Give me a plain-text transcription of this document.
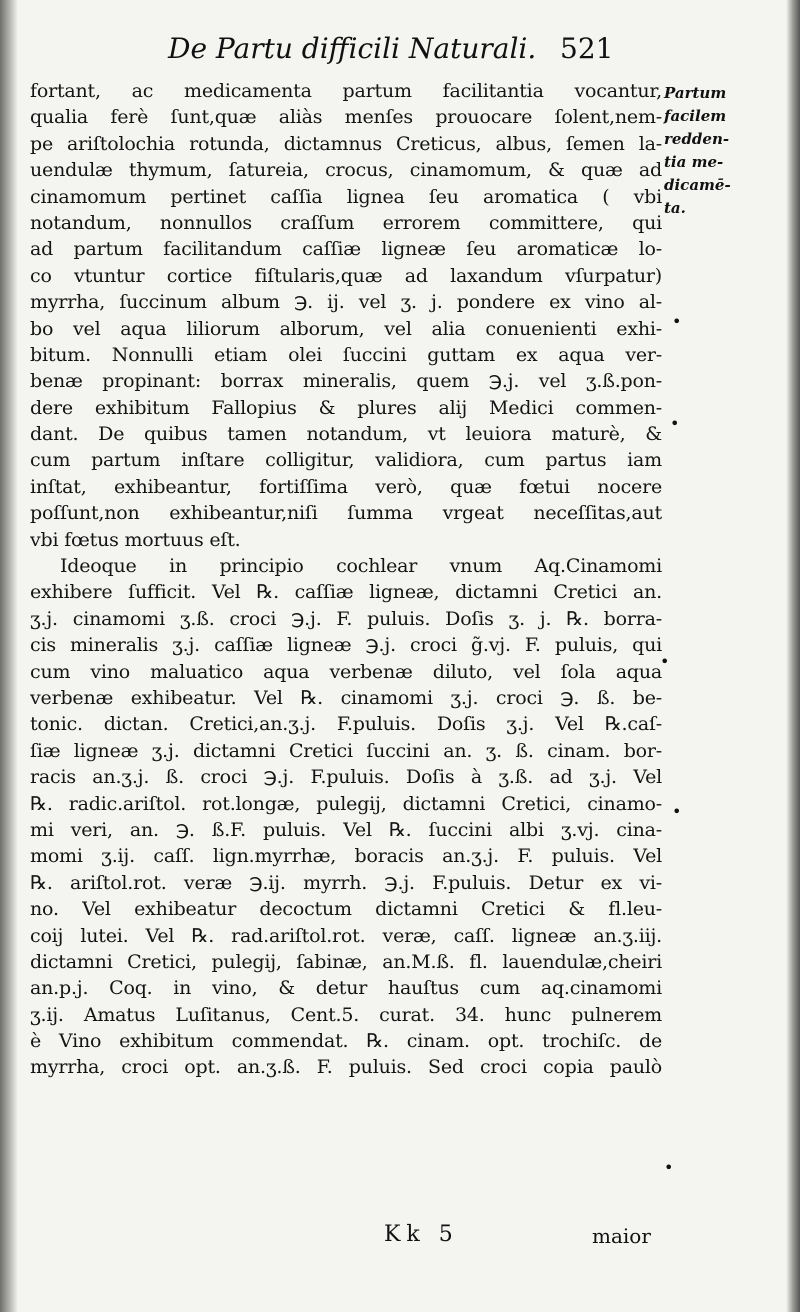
De Partu difficili Naturali. 521
fortant, ac medicamenta partum facilitantia vocantur,
qualia ferè ſunt,quæ aliàs menſes prouocare ſolent,nem-
pe ariſtolochia rotunda, dictamnus Creticus, albus, ſemen la-
uendulæ thymum, ſatureia, crocus, cinamomum, & quæ ad
cinamomum pertinet caſſia lignea ſeu aromatica ( vbi
notandum, nonnullos craſſum errorem committere, qui
ad partum facilitandum caſſiæ ligneæ ſeu aromaticæ lo-
co vtuntur cortice fiſtularis,quæ ad laxandum vſurpatur)
myrrha, ſuccinum album ℈. ij. vel ʒ. j. pondere ex vino al-
bo vel aqua liliorum alborum, vel alia conuenienti exhi-
bitum. Nonnulli etiam olei ſuccini guttam ex aqua ver-
benæ propinant: borrax mineralis, quem ℈.j. vel ʒ.ß.pon-
dere exhibitum Fallopius & plures alij Medici commen-
dant. De quibus tamen notandum, vt leuiora maturè, &
cum partum inſtare colligitur, validiora, cum partus iam
inſtat, exhibeantur, fortiſſima verò, quæ fœtui nocere
poſſunt,non exhibeantur,niſi ſumma vrgeat neceſſitas,aut
vbi fœtus mortuus eſt.
Ideoque in principio cochlear vnum Aq.Cinamomi
exhibere ſufficit. Vel ℞. caſſiæ ligneæ, dictamni Cretici an.
ʒ.j. cinamomi ʒ.ß. croci ℈.j. F. puluis. Doſis ʒ. j. ℞. borra-
cis mineralis ʒ.j. caſſiæ ligneæ ℈.j. croci g̃.vj. F. puluis, qui
cum vino maluatico aqua verbenæ diluto, vel ſola aqua
verbenæ exhibeatur. Vel ℞. cinamomi ʒ.j. croci ℈. ß. be-
tonic. dictan. Cretici,an.ʒ.j. F.puluis. Doſis ʒ.j. Vel ℞.caſ-
ſiæ ligneæ ʒ.j. dictamni Cretici ſuccini an. ʒ. ß. cinam. bor-
racis an.ʒ.j. ß. croci ℈.j. F.puluis. Doſis à ʒ.ß. ad ʒ.j. Vel
℞. radic.ariſtol. rot.longæ, pulegij, dictamni Cretici, cinamo-
mi veri, an. ℈. ß.F. puluis. Vel ℞. ſuccini albi ʒ.vj. cina-
momi ʒ.ij. caſſ. lign.myrrhæ, boracis an.ʒ.j. F. puluis. Vel
℞. ariſtol.rot. veræ ℈.ij. myrrh. ℈.j. F.puluis. Detur ex vi-
no. Vel exhibeatur decoctum dictamni Cretici & fl.leu-
coij lutei. Vel ℞. rad.ariſtol.rot. veræ, caſſ. ligneæ an.ʒ.iij.
dictamni Cretici, pulegij, ſabinæ, an.M.ß. fl. lauendulæ,cheiri
an.p.j. Coq. in vino, & detur hauſtus cum aq.cinamomi
ʒ.ij. Amatus Luſitanus, Cent.5. curat. 34. hunc pulnerem
è Vino exhibitum commendat. ℞. cinam. opt. trochiſc. de
myrrha, croci opt. an.ʒ.ß. F. puluis. Sed croci copia paulò
Partum
facilem
redden-
tia me-
dicamē-
ta.
•
•
•
•
•
Kk 5	maior
